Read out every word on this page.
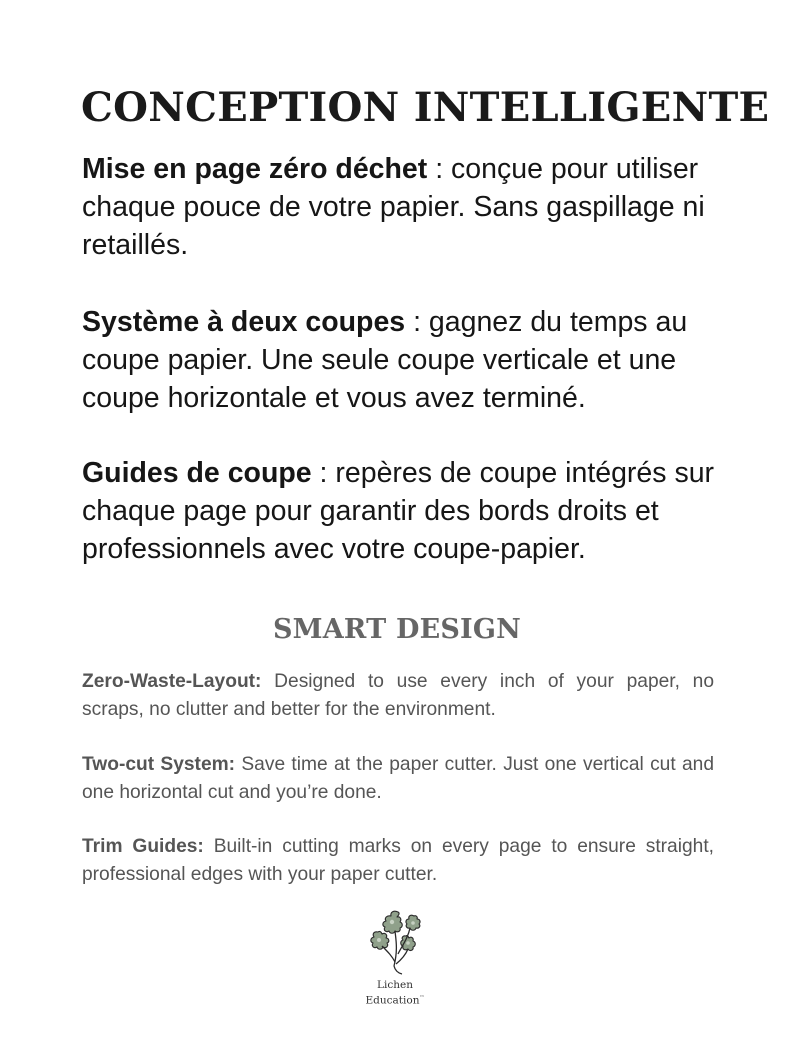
CONCEPTION INTELLIGENTE

Mise en page zéro déchet : conçue pour utiliser chaque pouce de votre papier. Sans gaspillage ni retaillés.

Système à deux coupes : gagnez du temps au coupe papier. Une seule coupe verticale et une coupe horizontale et vous avez terminé.

Guides de coupe : repères de coupe intégrés sur chaque page pour garantir des bords droits et professionnels avec votre coupe-papier.

SMART DESIGN

Zero-Waste-Layout: Designed to use every inch of your paper, no scraps, no clutter and better for the environment.

Two-cut System: Save time at the paper cutter. Just one vertical cut and one horizontal cut and you’re done.

Trim Guides: Built-in cutting marks on every page to ensure straight, professional edges with your paper cutter.

Lichen
Education™
